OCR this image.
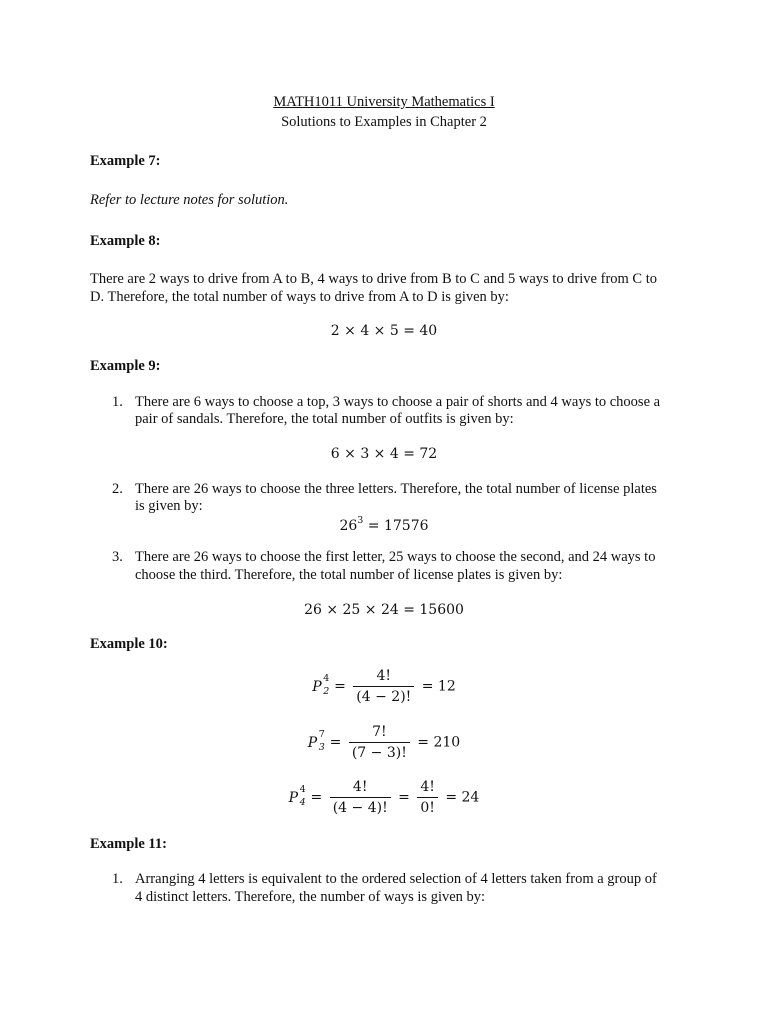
MATH1011 University Mathematics I
Solutions to Examples in Chapter 2
Example 7:
Refer to lecture notes for solution.
Example 8:
There are 2 ways to drive from A to B, 4 ways to drive from B to C and 5 ways to drive from C to
D. Therefore, the total number of ways to drive from A to D is given by:
2 × 4 × 5 = 40
Example 9:
1. There are 6 ways to choose a top, 3 ways to choose a pair of shorts and 4 ways to choose a
pair of sandals. Therefore, the total number of outfits is given by:
6 × 3 × 4 = 72
2. There are 26 ways to choose the three letters. Therefore, the total number of license plates
is given by:
$26^3 = 17576$
3. There are 26 ways to choose the first letter, 25 ways to choose the second, and 24 ways to
choose the third. Therefore, the total number of license plates is given by:
26 × 25 × 24 = 15600
Example 10:
P
4
$2 = \frac{4!}{(4 - 2)!} = 12$
P
7
$3 = \frac{7!}{(7 - 3)!} = 210$
P
4
$4 = \frac{4!}{(4 - 4)!} = \frac{4!}{0!} = 24$
Example 11:
1. Arranging 4 letters is equivalent to the ordered selection of 4 letters taken from a group of
4 distinct letters. Therefore, the number of ways is given by:
